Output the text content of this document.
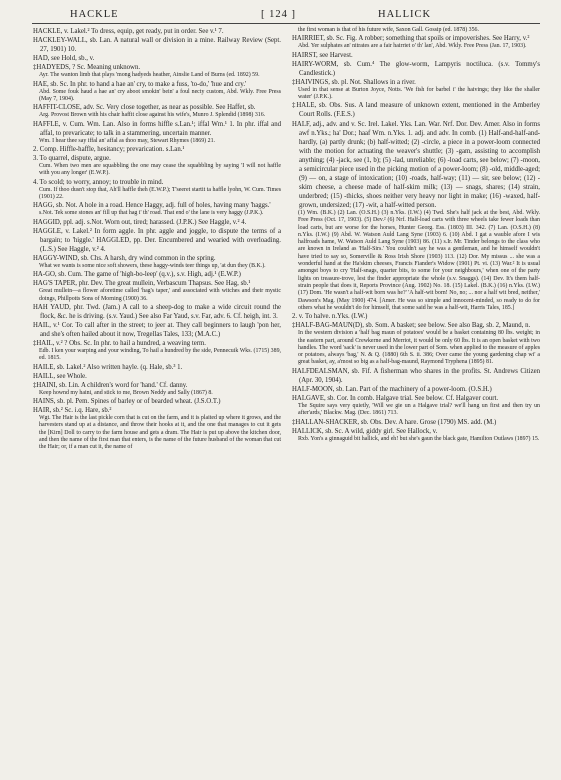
HACKLE	[ 124 ]	HALLICK

HACKLE, v. Lakel.² To dress, equip, get ready, put in order. See v.¹ 7.

HACKLEY-WALL, sb. Lan. A natural wall or division in a mine. Railway Review (Sept. 27, 1901) 10.

HAD, see Hold, sb., v.

‡HADYEDS, ? Sc. Meaning unknown.

Ayr. The wanton limb that plays 'mong hadyeds heather, Ainslie Land of Burns (ed. 1892) 59.

HAE, sb. Sc. In phr. to hand a hae an' cry, to make a fuss, 'to-do,' 'hue and cry.'

Abd. Some fouk haud a hae an' cry aboot smokin' bein' a foul necty custom, Abd. Wkly. Free Press (May 7, 1904).

HAFFIT-CLOSE, adv. Sc. Very close together, as near as possible. See Haffet, sb.

Arg. Provost Brown with his chair haffit close against his wife's, Munro J. Splendid (1898) 316.

HAFFLE, v. Cum. Wm. Lan. Also in forms hiffle s.Lan.¹; iffal Wm.¹ 1. In phr. iffal and affal, to prevaricate; to talk in a stammering, uncertain manner.

Wm. I hear thee say iffal an' affal as thoo may, Stewart Rhymes (1869) 21.

2. Comp. Hiffle-haffle, hesitancy; prevarication. s.Lan.¹

3. To quarrel, dispute, argue.

Cum. When two men are squabbling the one may cease the squabbling by saying 'I will not haffle with you any longer' (E.W.P.).

4. To scold; to worry, annoy; to trouble in mind.

Cum. If thoo dusn't stop that, Ah'll haffle theh (E.W.P.); T'seeret startit ta haffle lyohn, W. Cum. Times (1901) 22.

HAGG, sb. Not. A hole in a road. Hence Haggy, adj. full of holes, having many 'haggs.'

s.Not. Tek some stones an' fill up that hag i' th' road. That end o' the lane is very haggy (J.P.K.).

HAGGID, ppl. adj. s.Not. Worn out, tired; harassed. (J.P.K.) See Haggle, v.² 4.

HAGGLE, v. Lakel.² In form aggle. In phr. aggle and joggle, to dispute the terms of a bargain; to 'higgle.' HAGGLED, pp. Der. Encumbered and wearied with overloading. (L.S.) See Haggle, v.² 4.

HAGGY-WIND, sb. Chs. A harsh, dry wind common in the spring.

What we wants is some nice soft showers, these haggy-winds teer things up, 'at dun they (B.K.).

HA-GO, sb. Cum. The game of 'high-bo-leep' (q.v.), s.v. High, adj.¹ (E.W.P.)

HAG'S TAPER, phr. Dev. The great mullein, Verbascum Thapsus. See Hag, sb.¹

Great mullein—a flower aforetime called 'hag's taper,' and associated with witches and their mystic doings, Phillpotts Sons of Morning (1900) 36.

HAH YAUD, phr. Twd. (Jam.) A call to a sheep-dog to make a wide circuit round the flock, &c. he is driving. (s.v. Yaud.) See also Far Yaud, s.v. Far, adv. 6. Cf. heigh, int. 3.

HAIL, v.¹ Cor. To call after in the street; to jeer at. They call beginners to laugh 'pon her, and she's often hailed about it now, Tregellas Tales, 133; (M.A.C.)

‡HAIL, v.² ? Obs. Sc. In phr. to hail a hundred, a weaving term.

Edb. I ken your warping and your winding, To hail a hundred by the side, Pennecuik Wks. (1715) 389, ed. 1815.

HAILE, sb. Lakel.² Also written hayle. (q. Hale, sb.³ 1.

HAILL, see Whole.

‡HAINI, sb. Lin. A children's word for 'hand.' Cf. danny.

Keep hownd my haini, and stick to me, Brown Neddy and Sally (1867) 8.

HAINS, sb. pl. Pem. Spines of barley or of bearded wheat. (J.S.O.T.)

HAIR, sb.² Sc. i.q. Hare, sb.²

Wgt. The Hair is the last pickle corn that is cut on the farm, and it is plaited up where it grows, and the harvesters stand up at a distance, and throw their hooks at it, and the one that manages to cut it gets the [Kirn] Doll to carry to the farm house and gets a dram. The Hair is put up above the kitchen door, and then the name of the first man that enters, is the name of the future husband of the woman that cut the Hair; or, if a man cut it, the name of

the first woman is that of his future wife, Saxon Gall. Gossip (ed. 1878) 356.

HAIRRIET, sb. Sc. Fig. A robber; something that spoils or impoverishes. See Harry, v.²

Abd. Yer sulphates an' nitrates are a fair hairriet o' th' lan', Abd. Wkly. Free Press (Jan. 17, 1903).

HAIRST, see Harvest.

HAIRY-WORM, sb. Cum.⁴ The glow-worm, Lampyris noctiluca. (s.v. Tommy's Candlestick.)

‡HAIVINGS, sb. pl. Not. Shallows in a river.

Used in that sense at Burton Joyce, Notts. 'We fish for barbel i' the haivings; they like the shaller water' (J.P.K.).

‡HALE, sb. Obs. Sus. A land measure of unknown extent, mentioned in the Amberley Court Rolls. (F.E.S.)

HALF, adj., adv. and v. Sc. Irel. Lakel. Yks. Lan. War. Nrf. Dor. Dev. Amer. Also in forms awf n.Yks.; ha' Dor.; haaf Wm. n.Yks. 1. adj. and adv. In comb. (1) Half-and-half-and-hardly, (a) partly drunk; (b) half-witted; (2) -circle, a piece in a power-loom connected with the motion for actuating the weaver's shuttle; (3) -gam, assisting to accomplish anything; (4) -jack, see (1, b); (5) -lad, unreliable; (6) -load carts, see below; (7) -moon, a semicircular piece used in the picking motion of a power-loom; (8) -old, middle-aged; (9) — on, a stage of intoxication; (10) -roads, half-way; (11) — sir, see below; (12) -skim cheese, a cheese made of half-skim milk; (13) — snags, shares; (14) strain, underbred; (15) -thicks, shoes neither very heavy nor light in make; (16) -waxed, half-grown, undersized; (17) -wit, a half-witted person.

(1) Wm. (B.K.) (2) Lan. (O.S.H.) (3) n.Yks. (I.W.) (4) Twd. She's half jack at the best, Abd. Wkly. Free Press (Oct. 17, 1903). (5) Dev.² (6) Nrf. Half-load carts with three wheels take fewer loads than load carts, but are worse for the horses, Hunter Georg. Ess. (1803) III. 342. (7) Lan. (O.S.H.) (8) n.Yks. (I.W.) (9) Abd. W. Watson Auld Lang Syne (1903) 6. (10) Abd. I gat a wauble afore I wis halfroads hame, W. Watson Auld Lang Syne (1903) 86. (11) s.Ir. Mr. Tinder belongs to the class who are known in Ireland as 'Half-Sirs.' You couldn't say he was a gentleman, and he himself wouldn't have tried to say so, Somerville & Ross Irish Shore (1903) 113. (12) Dor. My missus ... she was a wonderful hand at the Ha'skim cheeses, Francis Fiander's Widow (1901) Pt. vi. (13) War.² It is usual amongst boys to cry 'Half-snags, quarter bits, to some for your neighbours,' when one of the party lights on treasure-trove, lest the finder appropriate the whole (s.v. Snaggs). (14) Dev. It's them half-strain people that does it, Reports Province (Aug. 1902) No. 18. (15) Lakel. (B.K.) (16) n.Yks. (I.W.) (17) Dom. 'He wasn't a half-wit born was he?' 'A half-wit born! No, no; ... nor a half wit bred, neither,' Dawson's Mag. (May 1900) 474. [Amer. He was so simple and innocent-minded, so ready to do for others what he wouldn't do for himself, that some said he was a half-wit, Harris Tales, 185.]

2. v. To halve. n.Yks. (I.W.)

‡HALF-BAG-MAUN(D), sb. Som. A basket; see below. See also Bag, sb. 2, Maund, n.

In the western division a 'half bag maun of potatoes' would be a basket containing 80 lbs. weight; in the eastern part, around Crewkerne and Merriot, it would be only 60 lbs. It is an open basket with two handles. The word 'sack' is never used in the lower part of Som. when applied to the measure of apples or potatoes, always 'bag,' N. & Q. (1880) 6th S. ii. 386; Over came the young gardening chap wi' a great basket, ay, a'most so big as a half-bag-maund, Raymond Tryphena (1895) 81.

HALFDEALSMAN, sb. Fif. A fisherman who shares in the profits. St. Andrews Citizen (Apr. 30, 1904).

HALF-MOON, sb. Lan. Part of the machinery of a power-loom. (O.S.H.)

HALGAVE, sb. Cor. In comb. Halgave trial. See below. Cf. Halgaver court.

The Squire says very quietly, 'Will we gie un a Halgave trial? we'll hang un first and then try un after'ards,' Blackw. Mag. (Dec. 1861) 713.

‡HALLAN-SHACKER, sb. Obs. Dev. A hare. Grose (1790) MS. add. (M.)

HALLICK, sb. Sc. A wild, giddy girl. See Hallock, v.

Rxb. Yon's a ginnaguid bit hallick, and eh! but she's gaun the black gate, Hamilton Outlaws (1897) 15.
